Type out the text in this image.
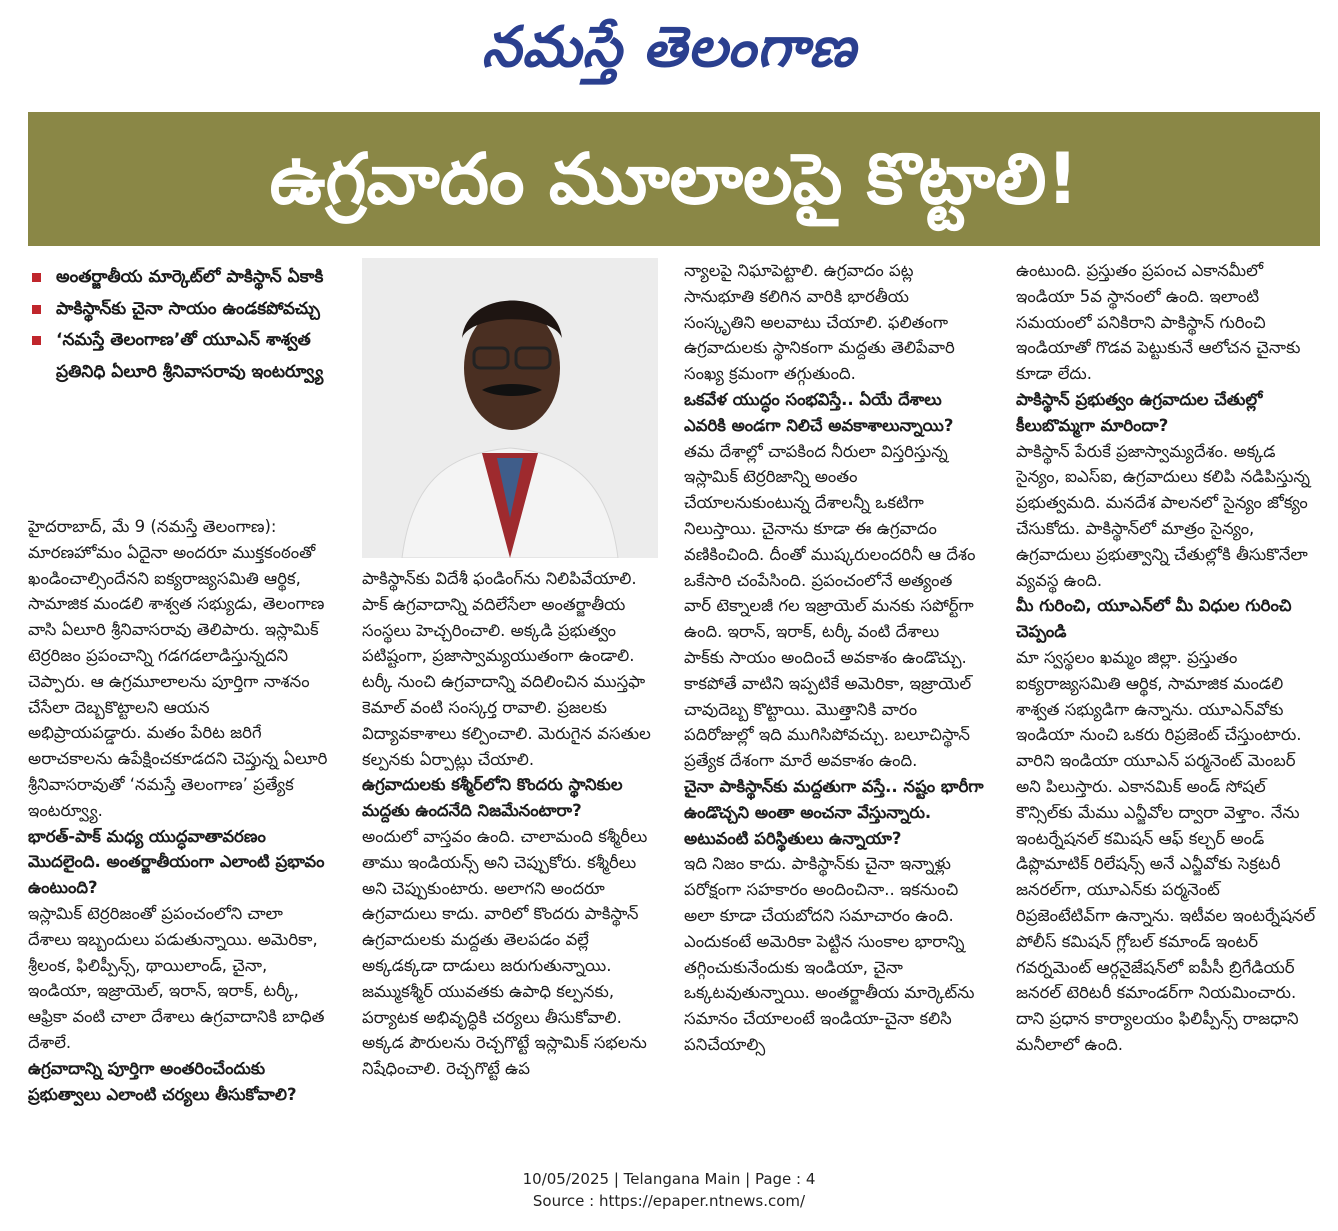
నమస్తే తెలంగాణ
ఉగ్రవాదం మూలాలపై కొట్టాలి!
అంతర్జాతీయ మార్కెట్‌లో పాకిస్థాన్ ఏకాకి
పాకిస్థాన్‌కు చైనా సాయం ఉండకపోవచ్చు
‘నమస్తే తెలంగాణ’తో యూఎన్ శాశ్వత ప్రతినిధి ఏలూరి శ్రీనివాసరావు ఇంటర్వ్యూ

హైదరాబాద్, మే 9 (నమస్తే తెలంగాణ): మారణహోమం ఏదైనా అందరూ ముక్తకంఠంతో ఖండించాల్సిందేనని ఐక్యరాజ్యసమితి ఆర్థిక, సామాజిక మండలి శాశ్వత సభ్యుడు, తెలంగాణ వాసి ఏలూరి శ్రీనివాసరావు తెలిపారు. ఇస్లామిక్ టెర్రరిజం ప్రపంచాన్ని గడగడలాడిస్తున్నదని చెప్పారు. ఆ ఉగ్రమూలాలను పూర్తిగా నాశనం చేసేలా దెబ్బకొట్టాలని ఆయన అభిప్రాయపడ్డారు. మతం పేరిట జరిగే అరాచకాలను ఉపేక్షించకూడదని చెప్తున్న ఏలూరి శ్రీనివాసరావుతో ‘నమస్తే తెలంగాణ’ ప్రత్యేక ఇంటర్వ్యూ.

భారత్-పాక్ మధ్య యుద్ధవాతావరణం మొదలైంది. అంతర్జాతీయంగా ఎలాంటి ప్రభావం ఉంటుంది?

ఇస్లామిక్ టెర్రరిజంతో ప్రపంచంలోని చాలా దేశాలు ఇబ్బందులు పడుతున్నాయి. అమెరికా, శ్రీలంక, ఫిలిప్పీన్స్, థాయిలాండ్, చైనా, ఇండియా, ఇజ్రాయెల్, ఇరాన్, ఇరాక్, టర్కీ, ఆఫ్రికా వంటి చాలా దేశాలు ఉగ్రవాదానికి బాధిత దేశాలే.

ఉగ్రవాదాన్ని పూర్తిగా అంతరించేందుకు ప్రభుత్వాలు ఎలాంటి చర్యలు తీసుకోవాలి?

పాకిస్థాన్‌కు విదేశీ ఫండింగ్‌ను నిలిపివేయాలి. పాక్ ఉగ్రవాదాన్ని వదిలేసేలా అంతర్జాతీయ సంస్థలు హెచ్చరించాలి. అక్కడి ప్రభుత్వం పటిష్టంగా, ప్రజాస్వామ్యయుతంగా ఉండాలి. టర్కీ నుంచి ఉగ్రవాదాన్ని వదిలించిన ముస్తఫా కెమాల్ వంటి సంస్కర్త రావాలి. ప్రజలకు విద్యావకాశాలు కల్పించాలి. మెరుగైన వసతుల కల్పనకు ఏర్పాట్లు చేయాలి.

ఉగ్రవాదులకు కశ్మీర్‌లోని కొందరు స్థానికుల మద్దతు ఉందనేది నిజమేనంటారా?

అందులో వాస్తవం ఉంది. చాలామంది కశ్మీరీలు తాము ఇండియన్స్ అని చెప్పుకోరు. కశ్మీరీలు అని చెప్పుకుంటారు. అలాగని అందరూ ఉగ్రవాదులు కాదు. వారిలో కొందరు పాకిస్థాన్ ఉగ్రవాదులకు మద్దతు తెలపడం వల్లే అక్కడక్కడా దాడులు జరుగుతున్నాయి. జమ్ముకశ్మీర్ యువతకు ఉపాధి కల్పనకు, పర్యాటక అభివృద్ధికి చర్యలు తీసుకోవాలి. అక్కడ పౌరులను రెచ్చగొట్టే ఇస్లామిక్ సభలను నిషేధించాలి. రెచ్చగొట్టే ఉప

న్యాలపై నిఘాపెట్టాలి. ఉగ్రవాదం పట్ల సానుభూతి కలిగిన వారికి భారతీయ సంస్కృతిని అలవాటు చేయాలి. ఫలితంగా ఉగ్రవాదులకు స్థానికంగా మద్దతు తెలిపేవారి సంఖ్య క్రమంగా తగ్గుతుంది.

ఒకవేళ యుద్ధం సంభవిస్తే.. ఏయే దేశాలు ఎవరికి అండగా నిలిచే అవకాశాలున్నాయి?

తమ దేశాల్లో చాపకింద నీరులా విస్తరిస్తున్న ఇస్లామిక్ టెర్రరిజాన్ని అంతం చేయాలనుకుంటున్న దేశాలన్నీ ఒకటిగా నిలుస్తాయి. చైనాను కూడా ఈ ఉగ్రవాదం వణికించింది. దీంతో ముష్కరులందరినీ ఆ దేశం ఒకేసారి చంపేసింది. ప్రపంచంలోనే అత్యంత వార్ టెక్నాలజీ గల ఇజ్రాయెల్ మనకు సపోర్ట్‌గా ఉంది. ఇరాన్, ఇరాక్, టర్కీ వంటి దేశాలు పాక్‌కు సాయం అందించే అవకాశం ఉండొచ్చు. కాకపోతే వాటిని ఇప్పటికే అమెరికా, ఇజ్రాయెల్ చావుదెబ్బ కొట్టాయి. మొత్తానికి వారం పదిరోజుల్లో ఇది ముగిసిపోవచ్చు. బలూచిస్థాన్ ప్రత్యేక దేశంగా మారే అవకాశం ఉంది.

చైనా పాకిస్థాన్‌కు మద్దతుగా వస్తే.. నష్టం భారీగా ఉండొచ్చని అంతా అంచనా వేస్తున్నారు. అటువంటి పరిస్థితులు ఉన్నాయా?

ఇది నిజం కాదు. పాకిస్థాన్‌కు చైనా ఇన్నాళ్లు పరోక్షంగా సహకారం అందించినా.. ఇకనుంచి అలా కూడా చేయబోదని సమాచారం ఉంది. ఎందుకంటే అమెరికా పెట్టిన సుంకాల భారాన్ని తగ్గించుకునేందుకు ఇండియా, చైనా ఒక్కటవుతున్నాయి. అంతర్జాతీయ మార్కెట్‌ను సమానం చేయాలంటే ఇండియా-చైనా కలిసి పనిచేయాల్సి

ఉంటుంది. ప్రస్తుతం ప్రపంచ ఎకానమీలో ఇండియా 5వ స్థానంలో ఉంది. ఇలాంటి సమయంలో పనికిరాని పాకిస్థాన్ గురించి ఇండియాతో గొడవ పెట్టుకునే ఆలోచన చైనాకు కూడా లేదు.

పాకిస్థాన్ ప్రభుత్వం ఉగ్రవాదుల చేతుల్లో కీలుబొమ్మగా మారిందా?

పాకిస్థాన్ పేరుకే ప్రజాస్వామ్యదేశం. అక్కడ సైన్యం, ఐఎస్ఐ, ఉగ్రవాదులు కలిపి నడిపిస్తున్న ప్రభుత్వమది. మనదేశ పాలనలో సైన్యం జోక్యం చేసుకోదు. పాకిస్థాన్‌లో మాత్రం సైన్యం, ఉగ్రవాదులు ప్రభుత్వాన్ని చేతుల్లోకి తీసుకొనేలా వ్యవస్థ ఉంది.

మీ గురించి, యూఎన్‌లో మీ విధుల గురించి చెప్పండి

మా స్వస్థలం ఖమ్మం జిల్లా. ప్రస్తుతం ఐక్యరాజ్యసమితి ఆర్థిక, సామాజిక మండలి శాశ్వత సభ్యుడిగా ఉన్నాను. యూఎన్‌వోకు ఇండియా నుంచి ఒకరు రిప్రజెంట్ చేస్తుంటారు. వారిని ఇండియా యూఎన్ పర్మనెంట్ మెంబర్ అని పిలుస్తారు. ఎకానమిక్ అండ్ సోషల్ కౌన్సిల్‌కు మేము ఎన్జీవోల ద్వారా వెళ్తాం. నేను ఇంటర్నేషనల్ కమిషన్ ఆఫ్ కల్చర్ అండ్ డిప్లొమాటిక్ రిలేషన్స్ అనే ఎన్జీవోకు సెక్రటరీ జనరల్‌గా, యూఎన్‌కు పర్మనెంట్ రిప్రజెంటేటివ్‌గా ఉన్నాను. ఇటీవల ఇంటర్నేషనల్ పోలీస్ కమిషన్ గ్లోబల్ కమాండ్ ఇంటర్ గవర్నమెంట్ ఆర్గనైజేషన్‌లో ఐపీసీ బ్రిగేడియర్ జనరల్ టెరిటరీ కమాండర్‌గా నియమించారు. దాని ప్రధాన కార్యాలయం ఫిలిప్పీన్స్ రాజధాని మనీలాలో ఉంది.

10/05/2025 | Telangana Main | Page : 4
Source : https://epaper.ntnews.com/
